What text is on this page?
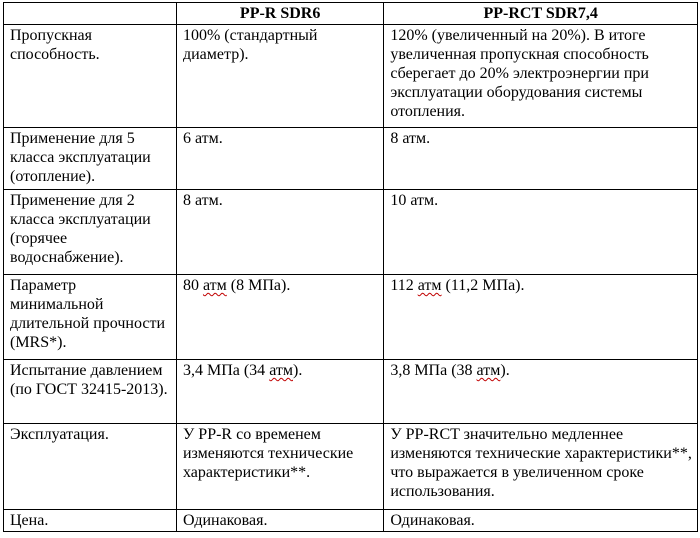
	PP-R SDR6	PP-RCT SDR7,4
Пропускная способность.	100% (стандартный диаметр).	120% (увеличенный на 20%). В итоге увеличенная пропускная способность сберегает до 20% электроэнергии при эксплуатации оборудования системы отопления.
Применение для 5 класса эксплуатации (отопление).	6 атм.	8 атм.
Применение для 2 класса эксплуатации (горячее водоснабжение).	8 атм.	10 атм.
Параметр минимальной длительной прочности (MRS*).	80 атм (8 МПа).	112 атм (11,2 МПа).
Испытание давлением (по ГОСТ 32415-2013).	3,4 МПа (34 атм).	3,8 МПа (38 атм).
Эксплуатация.	У PP-R со временем изменяются технические характеристики**.	У PP-RCT значительно медленнее изменяются технические характеристики**, что выражается в увеличенном сроке использования.
Цена.	Одинаковая.	Одинаковая.
